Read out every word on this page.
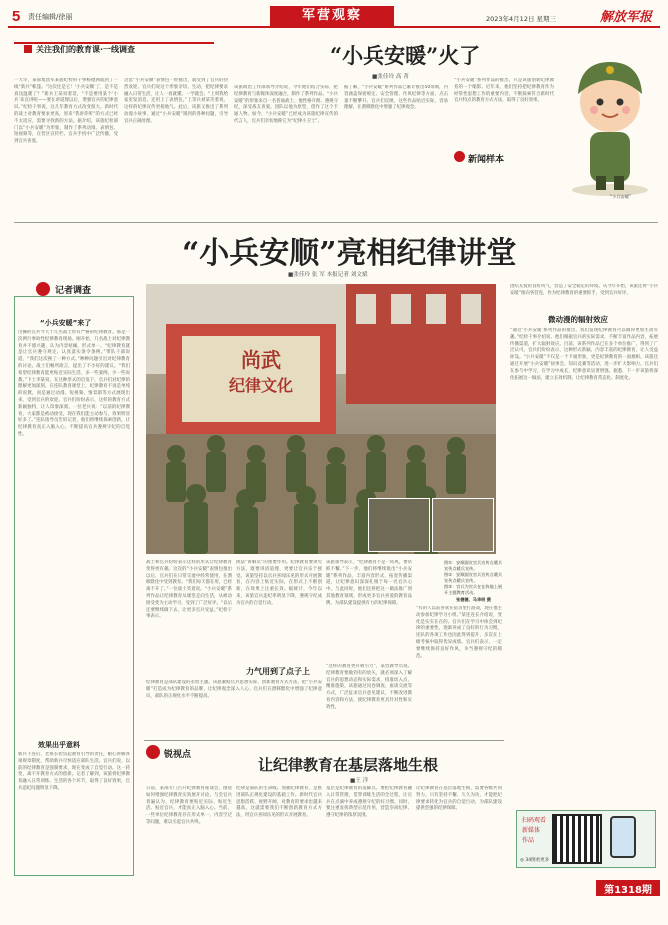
5 责任编辑/徐丽	军营观察	2023年4月12日 星期三	解放军报
关注我们的教育课·一线调查	“小兵安暖”火了
■张佳玲 高 菁
一大早，某部集团军某旅纪检科干事杨德洲就到了一线“新兵”帐篷。“这次还是它！‘小兵安顺’了，是不是真送温暖了？”新兵王某说着话，“不是要用某个‘小兵’来宣讲呢——要在讲道理以后，增强官兵的纪律意识。”纪检干事说，这几年教育方式改变很大。新时代的战士对教育要求更高，原来“我讲你听”的方式已经不太适应，需要寻找新的方法。据介绍，该旅纪检部门以“小兵安暖”为形象，制作了系列动漫、表情包、短视频等，在营区宣传栏、官兵手机中广泛传播，受到官兵喜爱。
这套“小兵安顺”表情包一经推出，就受到了官兵的热烈欢迎。官兵们说这个形象亲切、生动，把纪律要求融入日常生活，让人一看就懂、一学就会。“上周我给家里发消息，还用上了表情包。”上等兵刘某笑着说，这样的纪律宣传更接地气。此后，该旅又推出了系列动漫小故事，通过“小兵安暖”遇到的各种问题，引导官兵正确处理。
该旅政治工作部领导介绍说，今年他们结合实际，把纪律教育与新媒体深度融合，制作了系列作品。“小兵安暖”的形象来自一名普通战士，他性格开朗、遵规守纪，深受战友喜爱。团队以他为原型，创作了这个卡通人物。如今，“小兵安暖”已经成为该旅纪律宣传的代言人，官兵们亲切地称它为“纪律小卫士”。
据了解，“小兵安暖”系列作品已累计推出50余期，内容涵盖保密规定、安全管理、作风纪律等方面，点击量不断攀升。官兵们反映，这些作品贴近实际，容易理解，在潜移默化中增强了纪律观念。
“小兵安暖”系列作品的推出，只是该旅创新纪律教育的一个缩影。近年来，他们坚持把纪律教育作为经常性思想工作的重要内容，不断探索符合新时代官兵特点的教育方式方法，取得了良好效果。
新闻样本
“小兵安暖”
“小兵安顺”亮相纪律讲堂
■张佳玲 张 军 本报记者 刘文斌
记者调查
“小兵安暖”来了
出操的官兵今天于几名战士带有严格的纪律教育。那是一次例行事故性纪律教育现场。刚开始，几名战士对纪律教育并不感兴趣，认为内容枯燥，形式单一。“纪律教育就是让官兵遵守规定、认真落实条令条例。”带队干部说道，“我们这次换了一种方式。”种种问题引出对纪律教育的讨论。战士们畅所欲言，提出了不少好的建议。“我们希望纪律教育能更贴近实际生活，多一些案例，少一些说教。”下士李某说。在这种形式的启发下，官兵们对纪律的理解更加深刻。在连队教育课堂上，纪律教育不再是单纯的说教，而是通过动漫、短视频、情景剧等方式展现出来，受到官兵的欢迎。官兵们纷纷表示，这样的教育方式新颖独特，让人印象深刻。一位老兵说：“以前的纪律教育，大家都是被动接受，现在我们能主动参与，效果明显好多了。”连队指导员告诉记者，他们将继续探索创新，让纪律教育真正入脑入心，不断提高官兵遵规守纪的自觉性。
效果出乎意料
新兵下连后，老班长担负起教育引导的责任，耐心讲解各项规章制度，帮助新兵尽快适应部队生活。官兵们说，以前的纪律教育是强制要求，现在变成了自觉行动。这一转变，离不开教育方式的创新。记者了解到，该旅将纪律教育融入日常训练、生活的各个环节，取得了良好效果，官兵违纪问题明显下降。
尚武
纪律文化
图①：安顺面宣官兵宣传点暖兵宣传点暖兵宣传。
图②：安顺面宣官兵宣传点暖兵宣传点暖兵宣传。
图③：官兵为官兵在在阵地上展开主题教育活动。
张德德、马华明 摄
战士和官兵纷纷表示这样的形式让纪律教育变得更有趣。这次的“小兵安暖”表情包推出以后，官兵们在日常交流中经常使用，在潜移默化中受到教育。“我们每天都在用，已经离不开了。”一位战士笑着说。“小兵安暖”系列作品让纪律教育从课堂走向生活，从被动接受变为主动学习，受到了广泛好评。“以后还要继续做下去，让更多官兵受益。”纪检干事表示。
执法“讲解员”的重要作用。纪律教育要讲究方法，既要讲清道理，更要让官兵乐于接受。该旅坚持以官兵喜闻乐见的形式开展教育，在内容上贴近实际，在形式上不断创新，在效果上注重长效。据统计，今年以来，该旅官兵违纪率明显下降，遵规守纪成为官兵的自觉行动。
该旅领导表示，“纪律教育不是一阵风，要常抓不懈。”下一步，他们将继续推出“小兵安暖”系列作品，丰富内容形式，拓宽传播渠道，让纪律意识深深扎根于每一名官兵心中。与此同时，他们还将把这一做法推广到其他教育领域，形成更多官兵喜爱的教育品牌，为部队建设提供有力的纪律保障。
“有的人以前喜欢在宿舍里打游戏，现在他主动参加纪律学习小组。”某连连长介绍说，变化是实实在在的。官兵们在学习中体会到纪律的重要性，逐渐养成了良好的行为习惯。连队的各项工作也因此得到提升，多次在上级考核中取得优异成绩。官兵们表示，一定要继续保持良好作风，争当遵规守纪的模范。
力气用到了点子上
“这样的教育更有吸引力”，某营教导员说。纪律教育要做到有的放矢，就必须深入了解官兵的思想动态和实际需求，找准切入点，精准施策。该旅通过问卷调查、座谈交流等方式，广泛征求官兵意见建议，不断改进教育内容和方法，使纪律教育更具针对性和实效性。
纪律教育是部队建设的永恒主题。该旅紧贴官兵思想实际，创新教育方式方法，把“小兵安暖”打造成为纪律教育的品牌，让纪律观念深入人心。官兵们在潜移默化中增强了纪律意识，部队的正规化水平不断提高。
团结友爱的良好风气，营造了安全稳定的环境。从今年开始，该旅还将“小兵安暖”推向各营连，作为纪律教育的重要抓手，受到官兵好评。
微动漫的辐射效应
“通过‘小兵安暖’系列作品的推出，我们发现纪律教育可以做得更加生动有趣。”纪检干事介绍说，他们根据官兵的实际需求，不断丰富作品内容，拓展传播渠道，扩大辐射效应。目前，该系列作品已在多个单位推广，得到了广泛认可。官兵们纷纷表示，这种形式新颖、内容丰富的纪律教育，让人受益匪浅。“小兵安暖”不仅是一个卡通形象，更是纪律教育的一面旗帜。该旅还通过开展“小兵安暖”故事会、知识竞赛等活动，进一步扩大影响力。官兵们在参与中学习，在学习中成长，纪律意识显著增强。据悉，下一步该旅将深化拓展这一做法，建立长效机制，让纪律教育常态化、制度化。
锐视点
让纪律教育在基层落地生根
■王 洋
日前，某部专门召开纪律教育座谈会，围绕如何增强纪律教育实效展开讨论。与会官兵普遍认为，纪律教育要贴近实际、贴近生活、贴近官兵，才能真正入脑入心。当前，一些单位纪律教育存在形式单一、内容空泛等问题，难以引起官兵共鸣。
纪律是部队的生命线。加强纪律教育，是推进部队正规化建设的基础工作。新时代官兵思想活跃、视野开阔，对教育的要求也越来越高。这就需要我们不断创新教育方式方法，用官兵喜闻乐见的形式开展教育。
基层是纪律教育的落脚点。要把纪律教育融入日常管理，贯穿训练生活的全过程，让官兵在点滴中养成遵规守纪的好习惯。同时，要注重发挥典型示范作用，营造崇尚纪律、遵守纪律的浓厚氛围。
让纪律教育在基层落地生根，需要各级共同努力。只有坚持不懈、久久为功，才能把纪律要求转化为官兵的自觉行动，为部队建设提供坚强的纪律保障。
扫码观看
新媒体
作品
◎ 34图看更多
第1318期
